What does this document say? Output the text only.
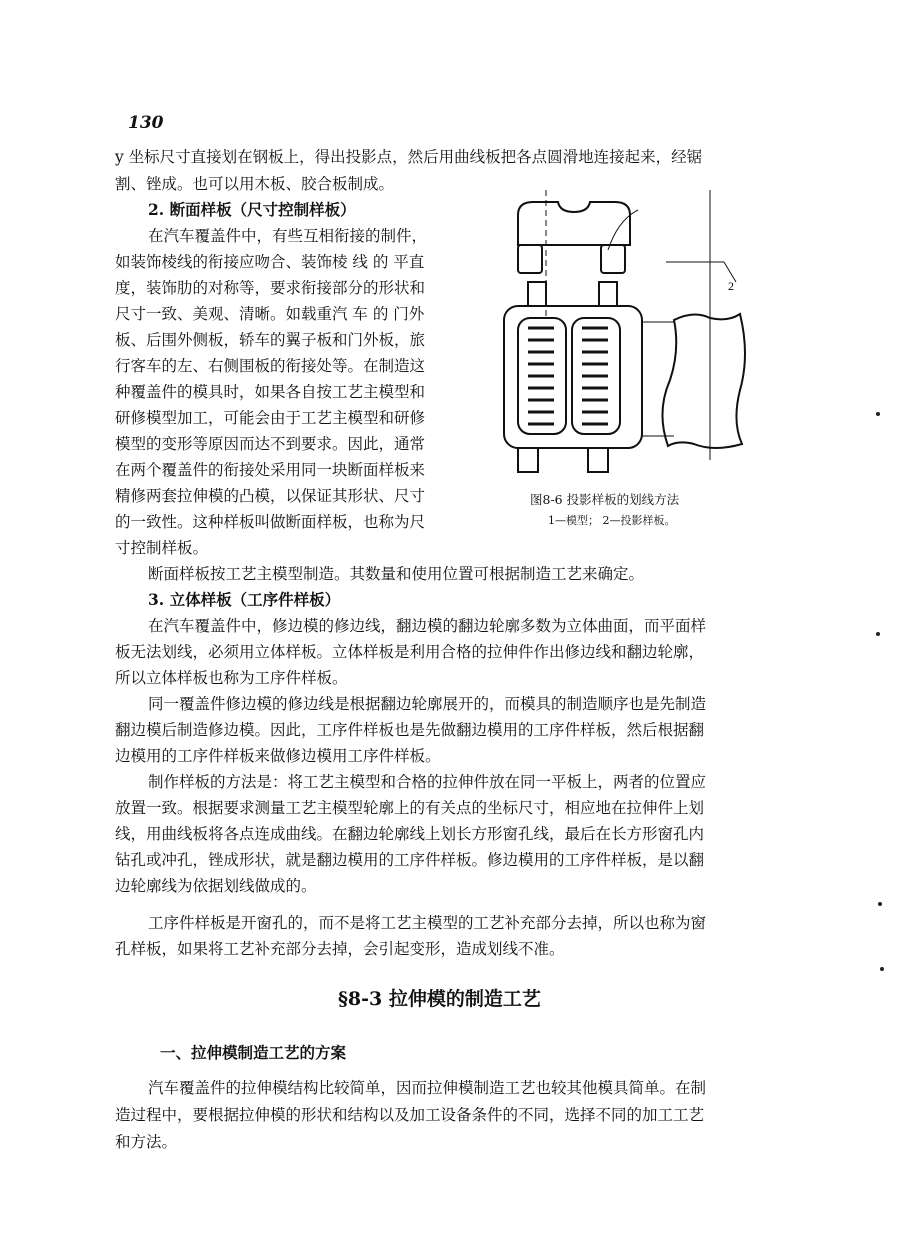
130
y 坐标尺寸直接划在钢板上，得出投影点，然后用曲线板把各点圆滑地连接起来，经锯
割、锉成。也可以用木板、胶合板制成。
2. 断面样板（尺寸控制样板）
在汽车覆盖件中，有些互相衔接的制件，
如装饰棱线的衔接应吻合、装饰棱 线 的 平直
度，装饰肋的对称等，要求衔接部分的形状和
尺寸一致、美观、清晰。如载重汽 车 的 门外
板、后围外侧板，轿车的翼子板和门外板，旅
行客车的左、右侧围板的衔接处等。在制造这
种覆盖件的模具时，如果各自按工艺主模型和
研修模型加工，可能会由于工艺主模型和研修
模型的变形等原因而达不到要求。因此，通常
在两个覆盖件的衔接处采用同一块断面样板来
精修两套拉伸模的凸模，以保证其形状、尺寸
的一致性。这种样板叫做断面样板，也称为尺
寸控制样板。
断面样板按工艺主模型制造。其数量和使用位置可根据制造工艺来确定。
3. 立体样板（工序件样板）
在汽车覆盖件中，修边模的修边线，翻边模的翻边轮廓多数为立体曲面，而平面样
板无法划线，必须用立体样板。立体样板是利用合格的拉伸件作出修边线和翻边轮廓，
所以立体样板也称为工序件样板。
同一覆盖件修边模的修边线是根据翻边轮廓展开的，而模具的制造顺序也是先制造
翻边模后制造修边模。因此，工序件样板也是先做翻边模用的工序件样板，然后根据翻
边模用的工序件样板来做修边模用工序件样板。
制作样板的方法是：将工艺主模型和合格的拉伸件放在同一平板上，两者的位置应
放置一致。根据要求测量工艺主模型轮廓上的有关点的坐标尺寸，相应地在拉伸件上划
线，用曲线板将各点连成曲线。在翻边轮廓线上划长方形窗孔线，最后在长方形窗孔内
钻孔或冲孔，锉成形状，就是翻边模用的工序件样板。修边模用的工序件样板，是以翻
边轮廓线为依据划线做成的。
工序件样板是开窗孔的，而不是将工艺主模型的工艺补充部分去掉，所以也称为窗
孔样板，如果将工艺补充部分去掉，会引起变形，造成划线不准。
§8-3 拉伸模的制造工艺
一、拉伸模制造工艺的方案
汽车覆盖件的拉伸模结构比较简单，因而拉伸模制造工艺也较其他模具简单。在制
造过程中，要根据拉伸模的形状和结构以及加工设备条件的不同，选择不同的加工工艺
和方法。
2
图8-6 投影样板的划线方法
1—模型； 2—投影样板。
